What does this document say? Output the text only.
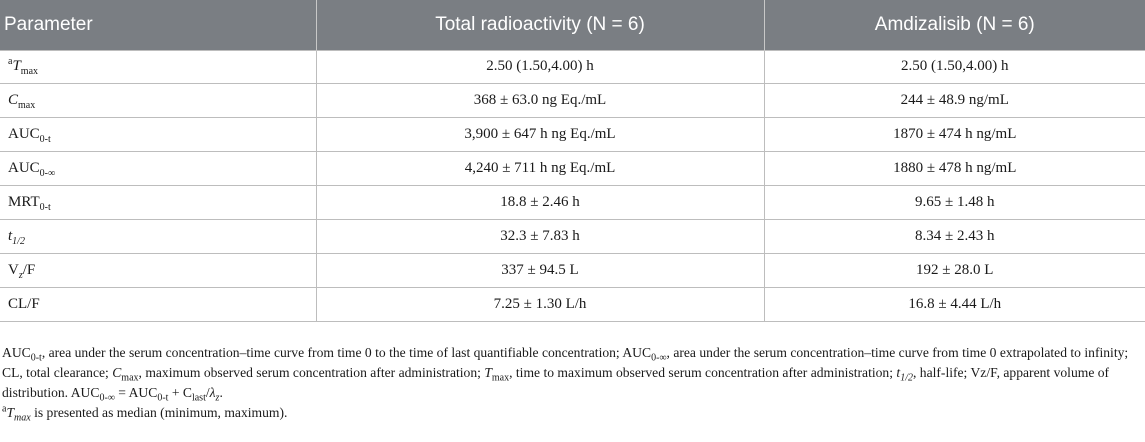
Parameter	Total radioactivity (N = 6)	Amdizalisib (N = 6)
$^aT_{max}$	2.50 (1.50,4.00) h	2.50 (1.50,4.00) h
$C_{max}$	368 ± 63.0 ng Eq./mL	244 ± 48.9 ng/mL
$AUC_{0-t}$	3,900 ± 647 h ng Eq./mL	1870 ± 474 h ng/mL
$AUC_{0-\infty}$	4,240 ± 711 h ng Eq./mL	1880 ± 478 h ng/mL
$MRT_{0-t}$	18.8 ± 2.46 h	9.65 ± 1.48 h
$t_{1/2}$	32.3 ± 7.83 h	8.34 ± 2.43 h
$V_z/F$	337 ± 94.5 L	192 ± 28.0 L
CL/F	7.25 ± 1.30 L/h	16.8 ± 4.44 L/h

$AUC_{0-t}$, area under the serum concentration–time curve from time 0 to the time of last quantifiable concentration; $AUC_{0-\infty}$, area under the serum concentration–time curve from time 0 extrapolated to infinity; CL, total clearance; $C_{max}$, maximum observed serum concentration after administration; $T_{max}$, time to maximum observed serum concentration after administration; $t_{1/2}$, half-life; Vz/F, apparent volume of distribution. $AUC_{0-\infty} = AUC_{0-t} + C_{last}/\lambda_z$.

$^aT_{max}$ is presented as median (minimum, maximum).
